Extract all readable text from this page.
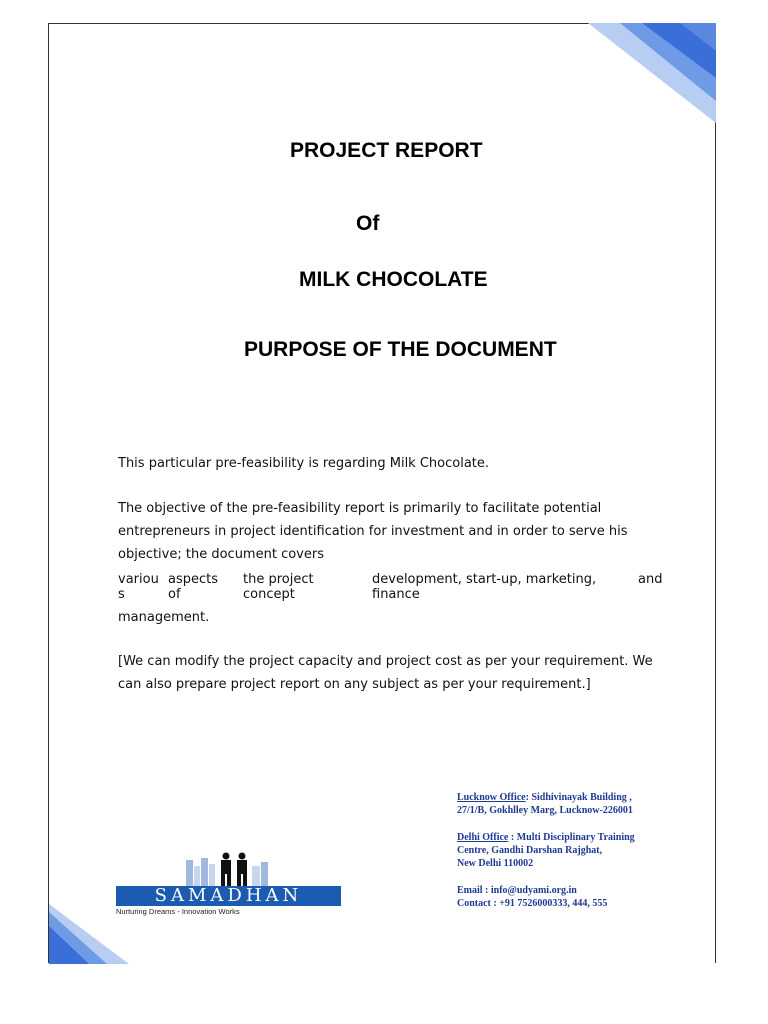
PROJECT REPORT
Of
MILK CHOCOLATE
PURPOSE OF THE DOCUMENT
This particular pre-feasibility is regarding Milk Chocolate.
The objective of the pre-feasibility report is primarily to facilitate potential
entrepreneurs in project identification for investment and in order to serve his
objective; the document covers
variou
s
aspects
of
the project
concept
development, start-up, marketing,
finance
and
management.
[We can modify the project capacity and project cost as per your requirement. We
can also prepare project report on any subject as per your requirement.]
Lucknow Office: Sidhivinayak Building ,
27/1/B, Gokhlley Marg, Lucknow-226001
Delhi Office : Multi Disciplinary Training
Centre, Gandhi Darshan Rajghat,
New Delhi 110002
Email : info@udyami.org.in
Contact : +91 7526000333, 444, 555
SAMADHAN
Nurturing Dreams - Innovation Works
